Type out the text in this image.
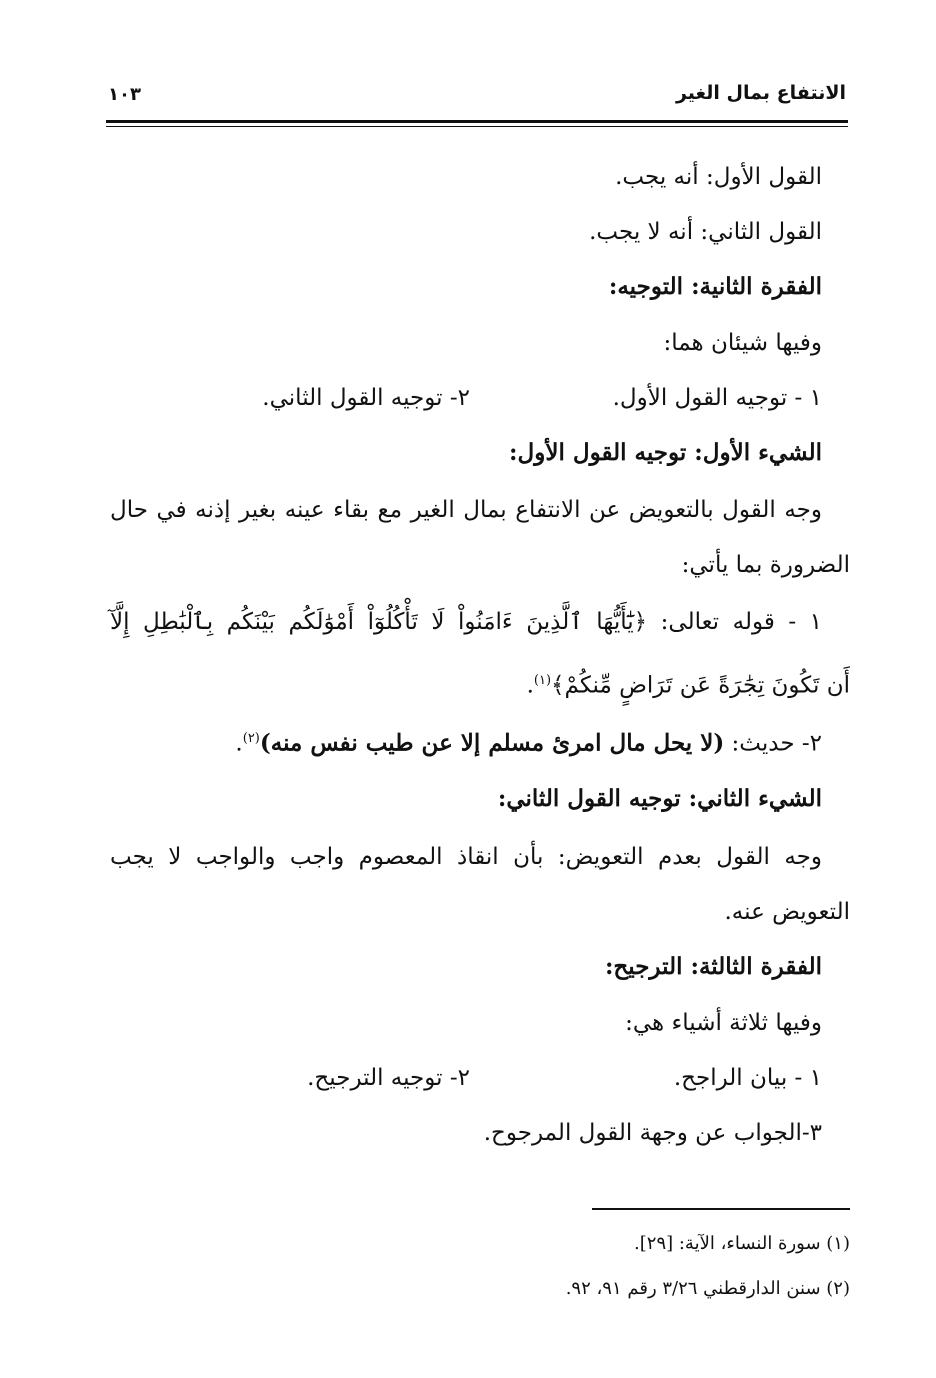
الانتفاع بمال الغير
١٠٣
القول الأول: أنه يجب.
القول الثاني: أنه لا يجب.
الفقرة الثانية: التوجيه:
وفيها شيئان هما:
١ - توجيه القول الأول.
٢- توجيه القول الثاني.
الشيء الأول: توجيه القول الأول:
وجه القول بالتعويض عن الانتفاع بمال الغير مع بقاء عينه بغير إذنه في حال
الضرورة بما يأتي:
١ - قوله تعالى: ﴿يَٰٓأَيُّهَا ٱلَّذِينَ ءَامَنُواْ لَا تَأْكُلُوٓاْ أَمْوَٰلَكُم بَيْنَكُم بِٱلْبَٰطِلِ إِلَّآ
أَن تَكُونَ تِجَٰرَةً عَن تَرَاضٍ مِّنكُمْ﴾$^{(١)}$.
٢- حديث: (لا يحل مال امرئ مسلم إلا عن طيب نفس منه)$^{(٢)}$.
الشيء الثاني: توجيه القول الثاني:
وجه القول بعدم التعويض: بأن انقاذ المعصوم واجب والواجب لا يجب
التعويض عنه.
الفقرة الثالثة: الترجيح:
وفيها ثلاثة أشياء هي:
١ - بيان الراجح.
٢- توجيه الترجيح.
٣-الجواب عن وجهة القول المرجوح.
(١) سورة النساء، الآية: [٢٩].
(٢) سنن الدارقطني ٣/٢٦ رقم ٩١، ٩٢.
